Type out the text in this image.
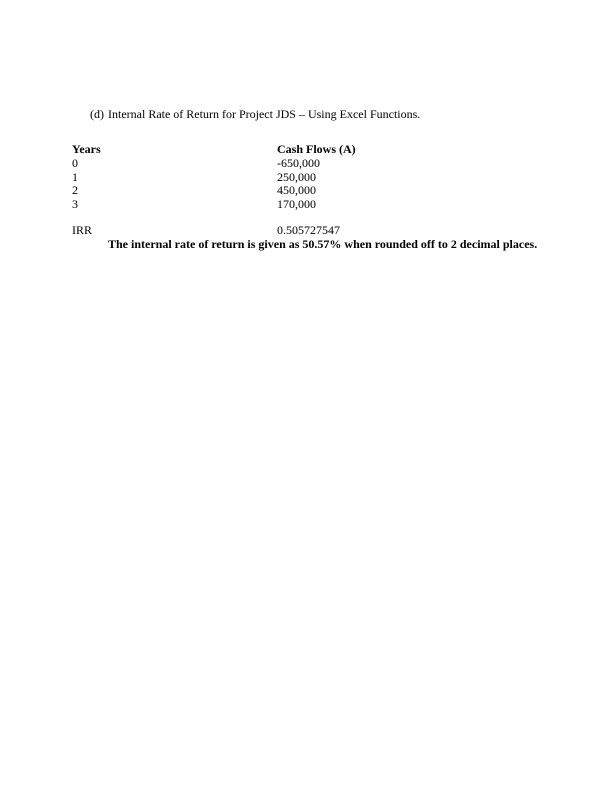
(d) Internal Rate of Return for Project JDS – Using Excel Functions.
Years	Cash Flows (A)
0	-650,000
1	250,000
2	450,000
3	170,000
IRR	0.505727547
The internal rate of return is given as 50.57% when rounded off to 2 decimal places.
